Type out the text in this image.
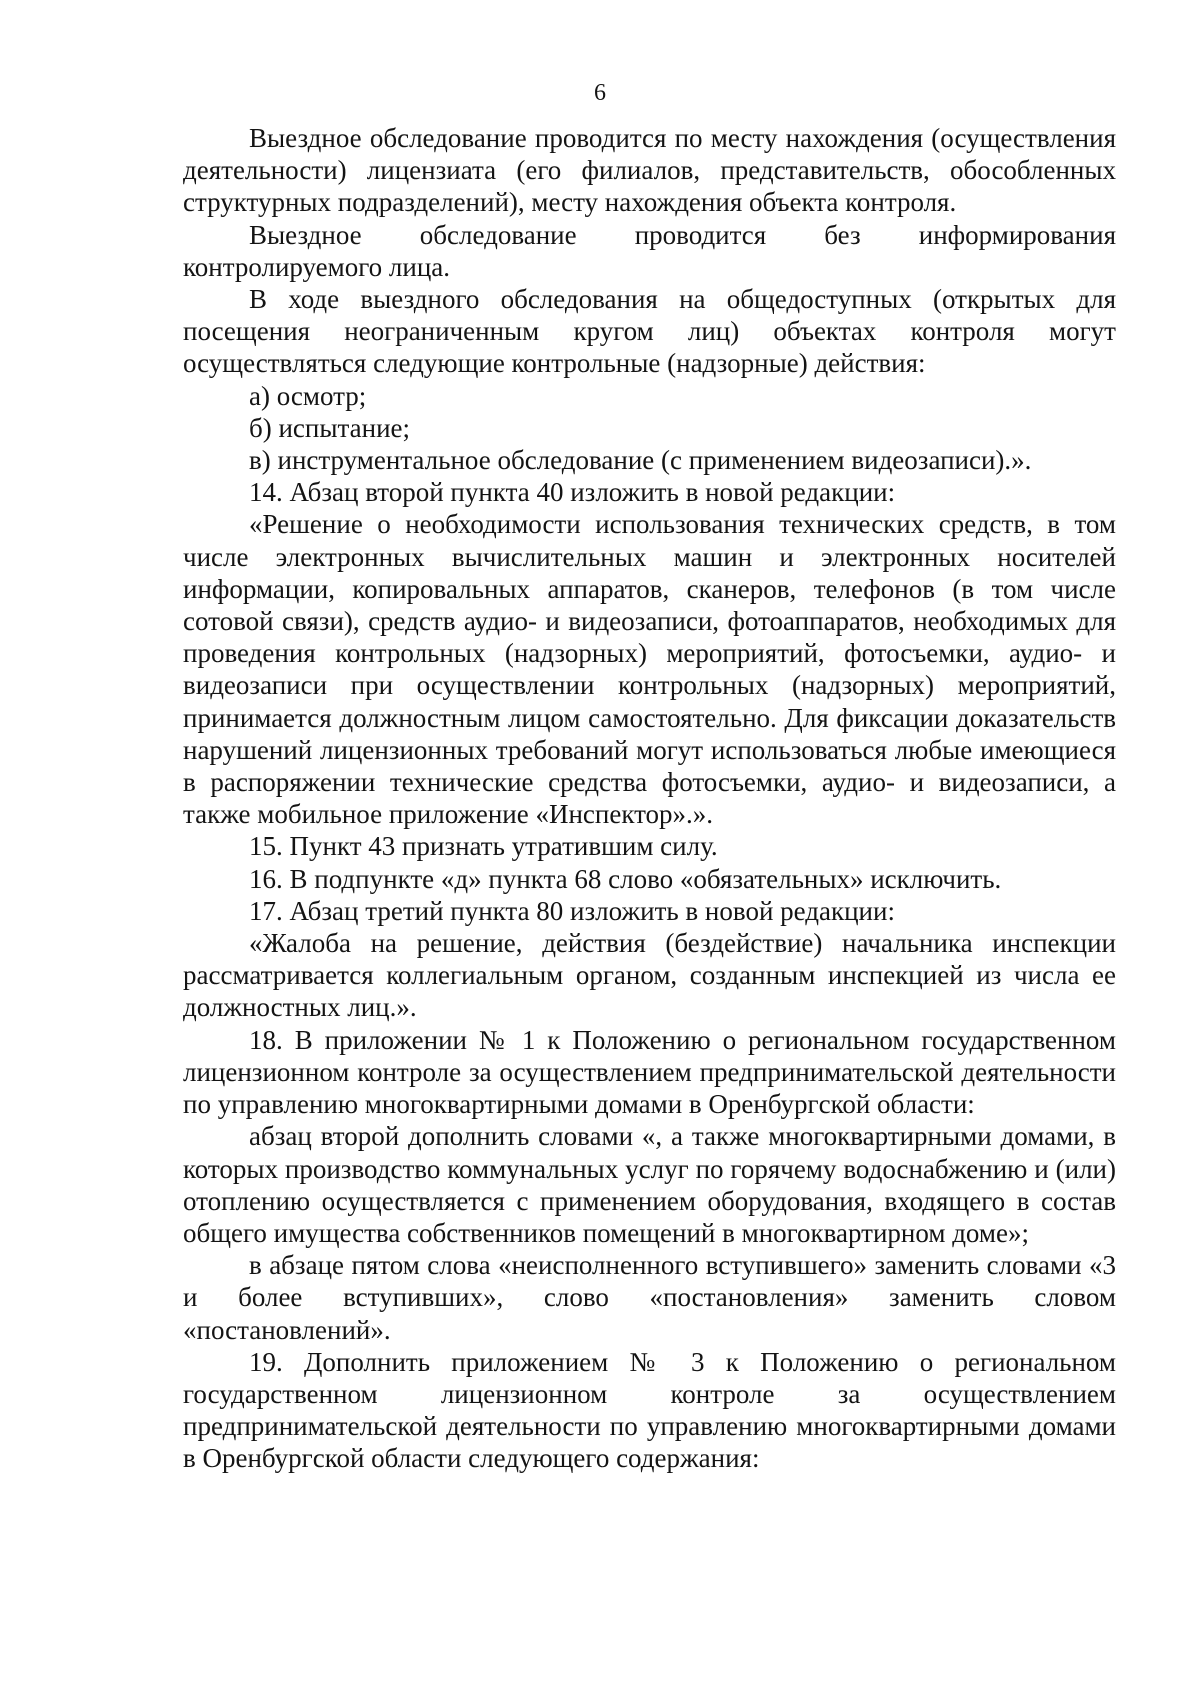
6

Выездное обследование проводится по месту нахождения (осуществления деятельности) лицензиата (его филиалов, представительств, обособленных структурных подразделений), месту нахождения объекта контроля.

Выездное обследование проводится без информирования контролируемого лица.

В ходе выездного обследования на общедоступных (открытых для посещения неограниченным кругом лиц) объектах контроля могут осуществляться следующие контрольные (надзорные) действия:

а) осмотр;

б) испытание;

в) инструментальное обследование (с применением видеозаписи).».

14. Абзац второй пункта 40 изложить в новой редакции:

«Решение о необходимости использования технических средств, в том числе электронных вычислительных машин и электронных носителей информации, копировальных аппаратов, сканеров, телефонов (в том числе сотовой связи), средств аудио- и видеозаписи, фотоаппаратов, необходимых для проведения контрольных (надзорных) мероприятий, фотосъемки, аудио- и видеозаписи при осуществлении контрольных (надзорных) мероприятий, принимается должностным лицом самостоятельно. Для фиксации доказательств нарушений лицензионных требований могут использоваться любые имеющиеся в распоряжении технические средства фотосъемки, аудио- и видеозаписи, а также мобильное приложение «Инспектор».».

15. Пункт 43 признать утратившим силу.

16. В подпункте «д» пункта 68 слово «обязательных» исключить.

17. Абзац третий пункта 80 изложить в новой редакции:

«Жалоба на решение, действия (бездействие) начальника инспекции рассматривается коллегиальным органом, созданным инспекцией из числа ее должностных лиц.».

18. В приложении № 1 к Положению о региональном государственном лицензионном контроле за осуществлением предпринимательской деятельности по управлению многоквартирными домами в Оренбургской области:

абзац второй дополнить словами «, а также многоквартирными домами, в которых производство коммунальных услуг по горячему водоснабжению и (или) отоплению осуществляется с применением оборудования, входящего в состав общего имущества собственников помещений в многоквартирном доме»;

в абзаце пятом слова «неисполненного вступившего» заменить словами «3 и более вступивших», слово «постановления» заменить словом «постановлений».

19. Дополнить приложением № 3 к Положению о региональном государственном лицензионном контроле за осуществлением предпринимательской деятельности по управлению многоквартирными домами в Оренбургской области следующего содержания:
